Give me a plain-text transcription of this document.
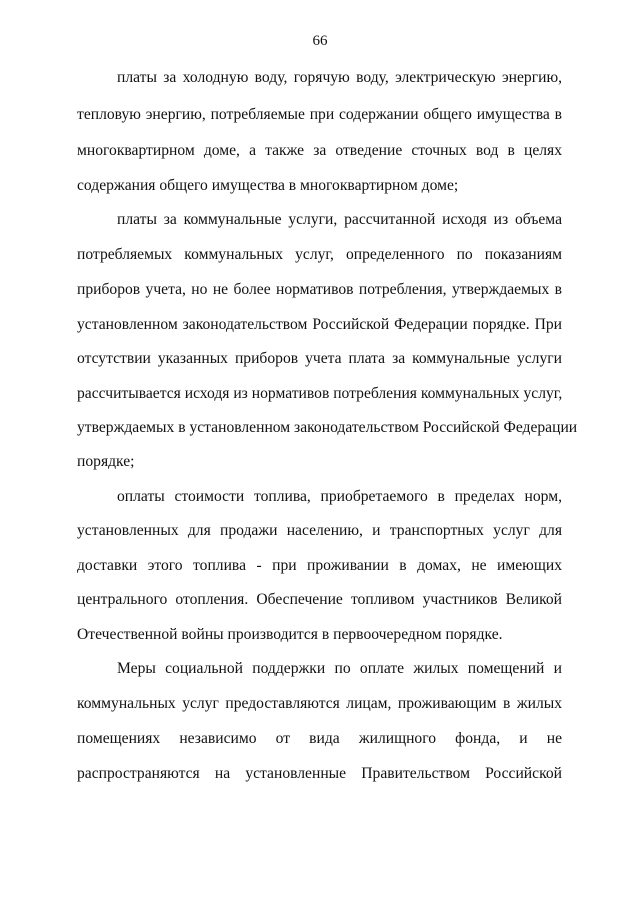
66
платы за холодную воду, горячую воду, электрическую энергию,
тепловую энергию, потребляемые при содержании общего имущества в
многоквартирном доме, а также за отведение сточных вод в целях
содержания общего имущества в многоквартирном доме;
платы за коммунальные услуги, рассчитанной исходя из объема
потребляемых коммунальных услуг, определенного по показаниям
приборов учета, но не более нормативов потребления, утверждаемых в
установленном законодательством Российской Федерации порядке. При
отсутствии указанных приборов учета плата за коммунальные услуги
рассчитывается исходя из нормативов потребления коммунальных услуг,
утверждаемых в установленном законодательством Российской Федерации
порядке;
оплаты стоимости топлива, приобретаемого в пределах норм,
установленных для продажи населению, и транспортных услуг для
доставки этого топлива - при проживании в домах, не имеющих
центрального отопления. Обеспечение топливом участников Великой
Отечественной войны производится в первоочередном порядке.
Меры социальной поддержки по оплате жилых помещений и
коммунальных услуг предоставляются лицам, проживающим в жилых
помещениях независимо от вида жилищного фонда, и не
распространяются на установленные Правительством Российской
